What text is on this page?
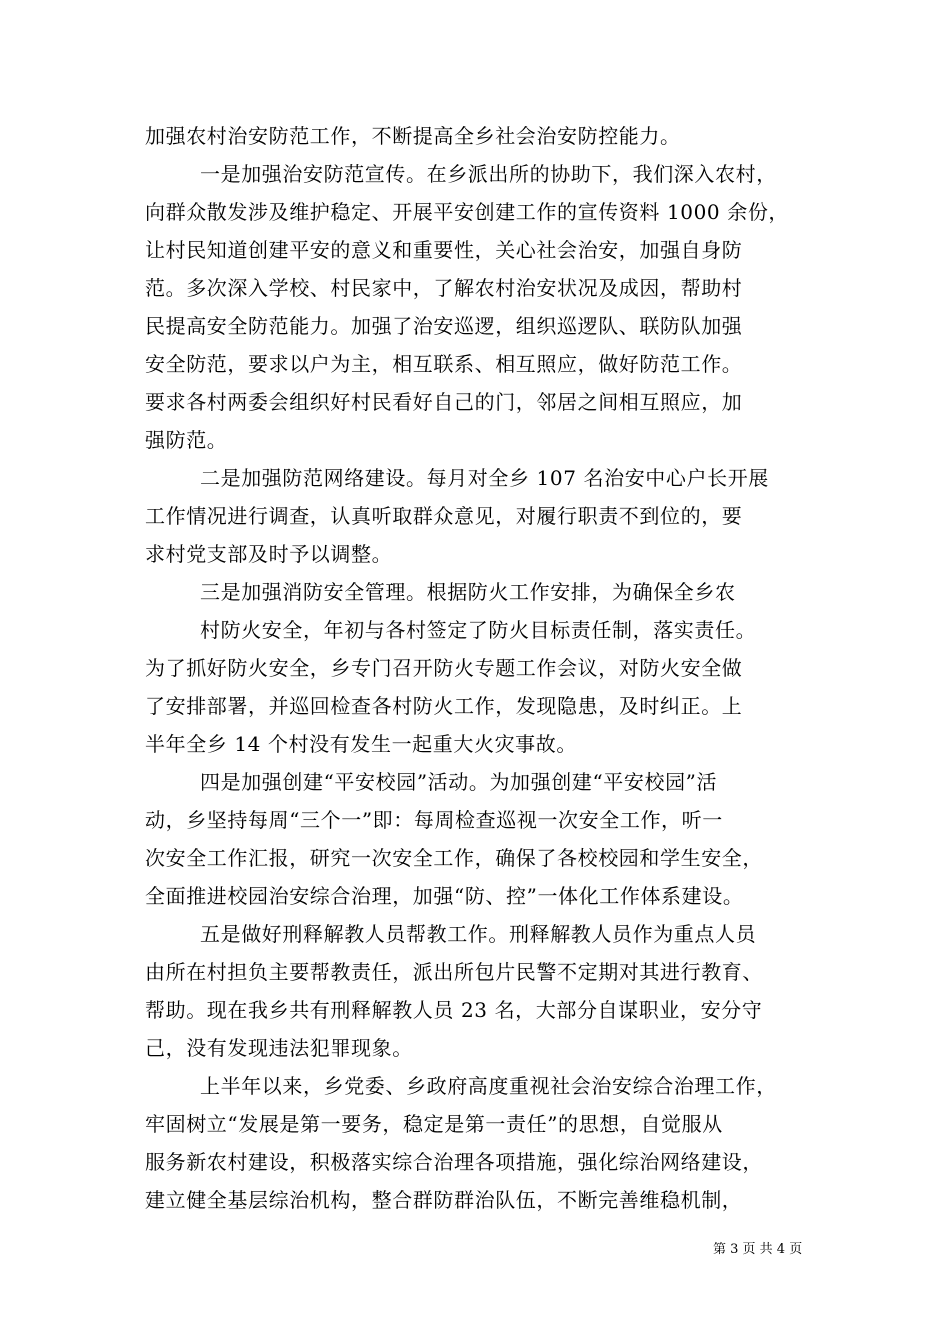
加强农村治安防范工作，不断提高全乡社会治安防控能力。
一是加强治安防范宣传。在乡派出所的协助下，我们深入农村，
向群众散发涉及维护稳定、开展平安创建工作的宣传资料 1000 余份，
让村民知道创建平安的意义和重要性，关心社会治安，加强自身防
范。多次深入学校、村民家中，了解农村治安状况及成因，帮助村
民提高安全防范能力。加强了治安巡逻，组织巡逻队、联防队加强
安全防范，要求以户为主，相互联系、相互照应，做好防范工作。
要求各村两委会组织好村民看好自己的门，邻居之间相互照应，加
强防范。
二是加强防范网络建设。每月对全乡 107 名治安中心户长开展
工作情况进行调查，认真听取群众意见，对履行职责不到位的，要
求村党支部及时予以调整。
三是加强消防安全管理。根据防火工作安排，为确保全乡农
村防火安全，年初与各村签定了防火目标责任制，落实责任。
为了抓好防火安全，乡专门召开防火专题工作会议，对防火安全做
了安排部署，并巡回检查各村防火工作，发现隐患，及时纠正。上
半年全乡 14 个村没有发生一起重大火灾事故。
四是加强创建“平安校园”活动。为加强创建“平安校园”活
动，乡坚持每周“三个一”即：每周检查巡视一次安全工作，听一
次安全工作汇报，研究一次安全工作，确保了各校校园和学生安全，
全面推进校园治安综合治理，加强“防、控”一体化工作体系建设。
五是做好刑释解教人员帮教工作。刑释解教人员作为重点人员
由所在村担负主要帮教责任，派出所包片民警不定期对其进行教育、
帮助。现在我乡共有刑释解教人员 23 名，大部分自谋职业，安分守
己，没有发现违法犯罪现象。
上半年以来，乡党委、乡政府高度重视社会治安综合治理工作，
牢固树立“发展是第一要务，稳定是第一责任”的思想，自觉服从
服务新农村建设，积极落实综合治理各项措施，强化综治网络建设，
建立健全基层综治机构，整合群防群治队伍，不断完善维稳机制，
第 3 页 共 4 页
